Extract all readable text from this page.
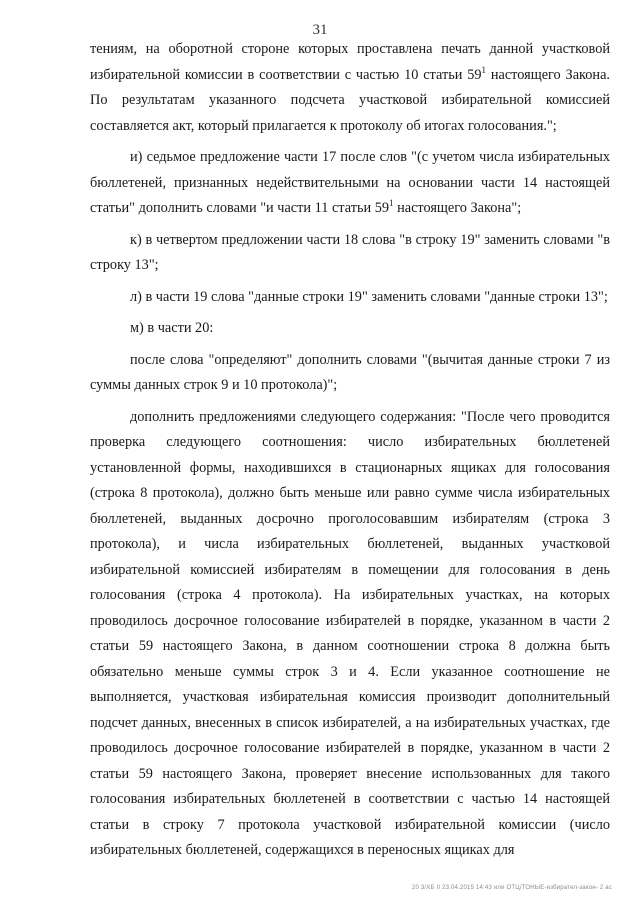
31

тениям, на оборотной стороне которых проставлена печать данной участковой избирательной комиссии в соответствии с частью 10 статьи $59^1$ настоящего Закона. По результатам указанного подсчета участковой избирательной комиссией составляется акт, который прилагается к протоколу об итогах голосования.";

и) седьмое предложение части 17 после слов "(с учетом числа избирательных бюллетеней, признанных недействительными на основании части 14 настоящей статьи" дополнить словами "и части 11 статьи $59^1$ настоящего Закона";

к) в четвертом предложении части 18 слова "в строку 19" заменить словами "в строку 13";

л) в части 19 слова "данные строки 19" заменить словами "данные строки 13";

м) в части 20:

после слова "определяют" дополнить словами "(вычитая данные строки 7 из суммы данных строк 9 и 10 протокола)";

дополнить предложениями следующего содержания: "После чего проводится проверка следующего соотношения: число избирательных бюллетеней установленной формы, находившихся в стационарных ящиках для голосования (строка 8 протокола), должно быть меньше или равно сумме числа избирательных бюллетеней, выданных досрочно проголосовавшим избирателям (строка 3 протокола), и числа избирательных бюллетеней, выданных участковой избирательной комиссией избирателям в помещении для голосования в день голосования (строка 4 протокола). На избирательных участках, на которых проводилось досрочное голосование избирателей в порядке, указанном в части 2 статьи 59 настоящего Закона, в данном соотношении строка 8 должна быть обязательно меньше суммы строк 3 и 4. Если указанное соотношение не выполняется, участковая избирательная комиссия производит дополнительный подсчет данных, внесенных в список избирателей, а на избирательных участках, где проводилось досрочное голосование избирателей в порядке, указанном в части 2 статьи 59 настоящего Закона, проверяет внесение использованных для такого голосования избирательных бюллетеней в соответствии с частью 14 настоящей статьи в строку 7 протокола участковой избирательной комиссии (число избирательных бюллетеней, содержащихся в переносных ящиках для

20 3/XБ II 23.04.2015 14:43 или ОТЦ/ТОНЫЕ-избирател-закон- 2 ас
